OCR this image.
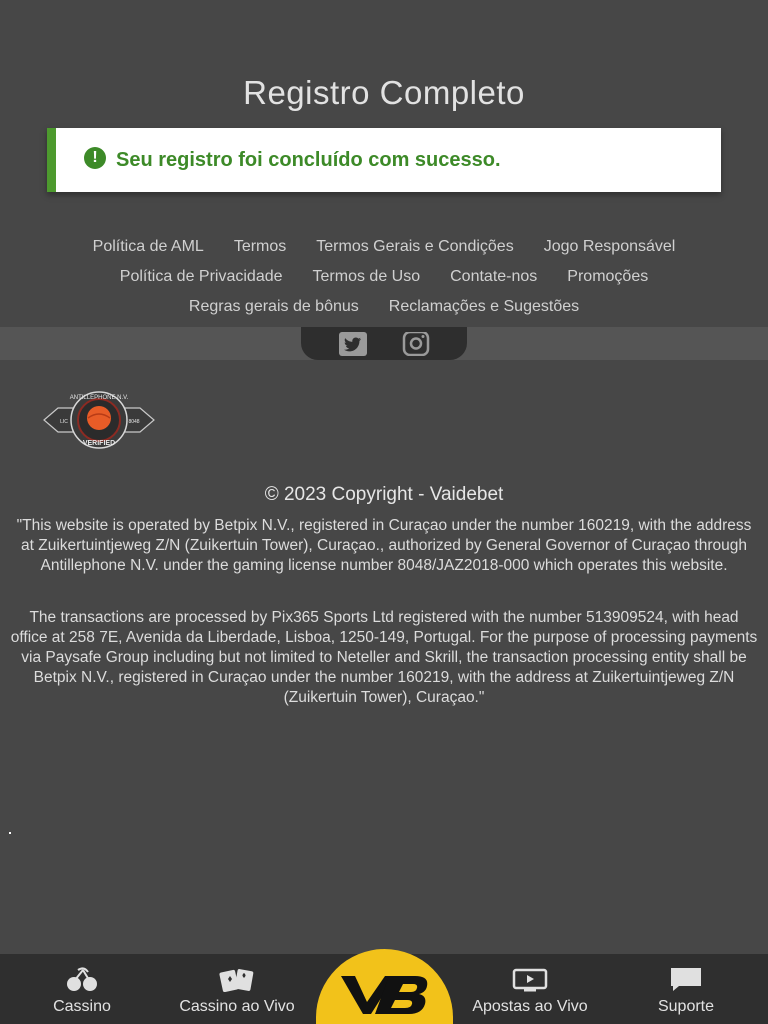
Registro Completo
! Seu registro foi concluído com sucesso.
Política de AML Termos Termos Gerais e Condições Jogo Responsável
Política de Privacidade Termos de Uso Contate-nos Promoções
Regras gerais de bônus Reclamações e Sugestões
ANTILLEPHONE N.V.
LIC	8048
VERIFIED
© 2023 Copyright - Vaidebet

"This website is operated by Betpix N.V., registered in Curaçao under the number 160219, with the address at Zuikertuintjeweg Z/N (Zuikertuin Tower), Curaçao., authorized by General Governor of Curaçao through Antillephone N.V. under the gaming license number 8048/JAZ2018-000 which operates this website.

The transactions are processed by Pix365 Sports Ltd registered with the number 513909524, with head office at 258 7E, Avenida da Liberdade, Lisboa, 1250-149, Portugal. For the purpose of processing payments via Paysafe Group including but not limited to Neteller and Skrill, the transaction processing entity shall be Betpix N.V., registered in Curaçao under the number 160219, with the address at Zuikertuintjeweg Z/N (Zuikertuin Tower), Curaçao."

Cassino	Cassino ao Vivo	Apostas ao Vivo	Suporte
